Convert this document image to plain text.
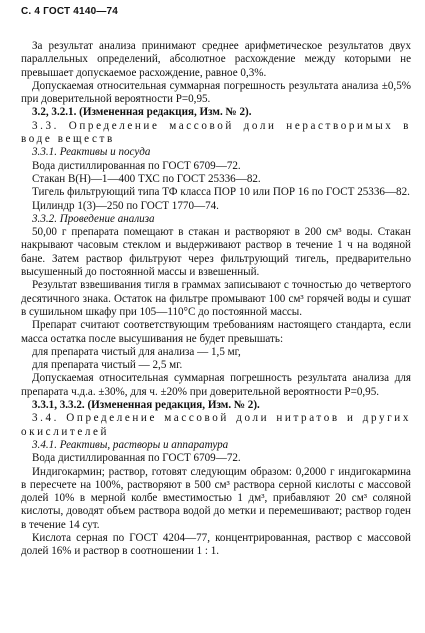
С. 4 ГОСТ 4140—74

За результат анализа принимают среднее арифметическое результатов двух параллельных определений, абсолютное расхождение между которыми не превышает допускаемое расхождение, равное 0,3%.

Допускаемая относительная суммарная погрешность результата анализа ±0,5% при доверительной вероятности P=0,95.

3.2, 3.2.1. (Измененная редакция, Изм. № 2).

3.3. Определение массовой доли нерастворимых в воде веществ

3.3.1. Реактивы и посуда

Вода дистиллированная по ГОСТ 6709—72.

Стакан В(Н)—1—400 ТХС по ГОСТ 25336—82.

Тигель фильтрующий типа ТФ класса ПОР 10 или ПОР 16 по ГОСТ 25336—82.

Цилиндр 1(3)—250 по ГОСТ 1770—74.

3.3.2. Проведение анализа

50,00 г препарата помещают в стакан и растворяют в 200 см³ воды. Стакан накрывают часовым стеклом и выдерживают раствор в течение 1 ч на водяной бане. Затем раствор фильтруют через фильтрующий тигель, предварительно высушенный до постоянной массы и взвешенный.

Результат взвешивания тигля в граммах записывают с точностью до четвертого десятичного знака. Остаток на фильтре промывают 100 см³ горячей воды и сушат в сушильном шкафу при 105—110°С до постоянной массы.

Препарат считают соответствующим требованиям настоящего стандарта, если масса остатка после высушивания не будет превышать:

для препарата чистый для анализа — 1,5 мг,

для препарата чистый — 2,5 мг.

Допускаемая относительная суммарная погрешность результата анализа для препарата ч.д.а. ±30%, для ч. ±20% при доверительной вероятности P=0,95.

3.3.1, 3.3.2. (Измененная редакция, Изм. № 2).

3.4. Определение массовой доли нитратов и других окислителей

3.4.1. Реактивы, растворы и аппаратура

Вода дистиллированная по ГОСТ 6709—72.

Индигокармин; раствор, готовят следующим образом: 0,2000 г индигокармина в пересчете на 100%, растворяют в 500 см³ раствора серной кислоты с массовой долей 10% в мерной колбе вместимостью 1 дм³, прибавляют 20 см³ соляной кислоты, доводят объем раствора водой до метки и перемешивают; раствор годен в течение 14 сут.

Кислота серная по ГОСТ 4204—77, концентрированная, раствор с массовой долей 16% и раствор в соотношении 1 : 1.
